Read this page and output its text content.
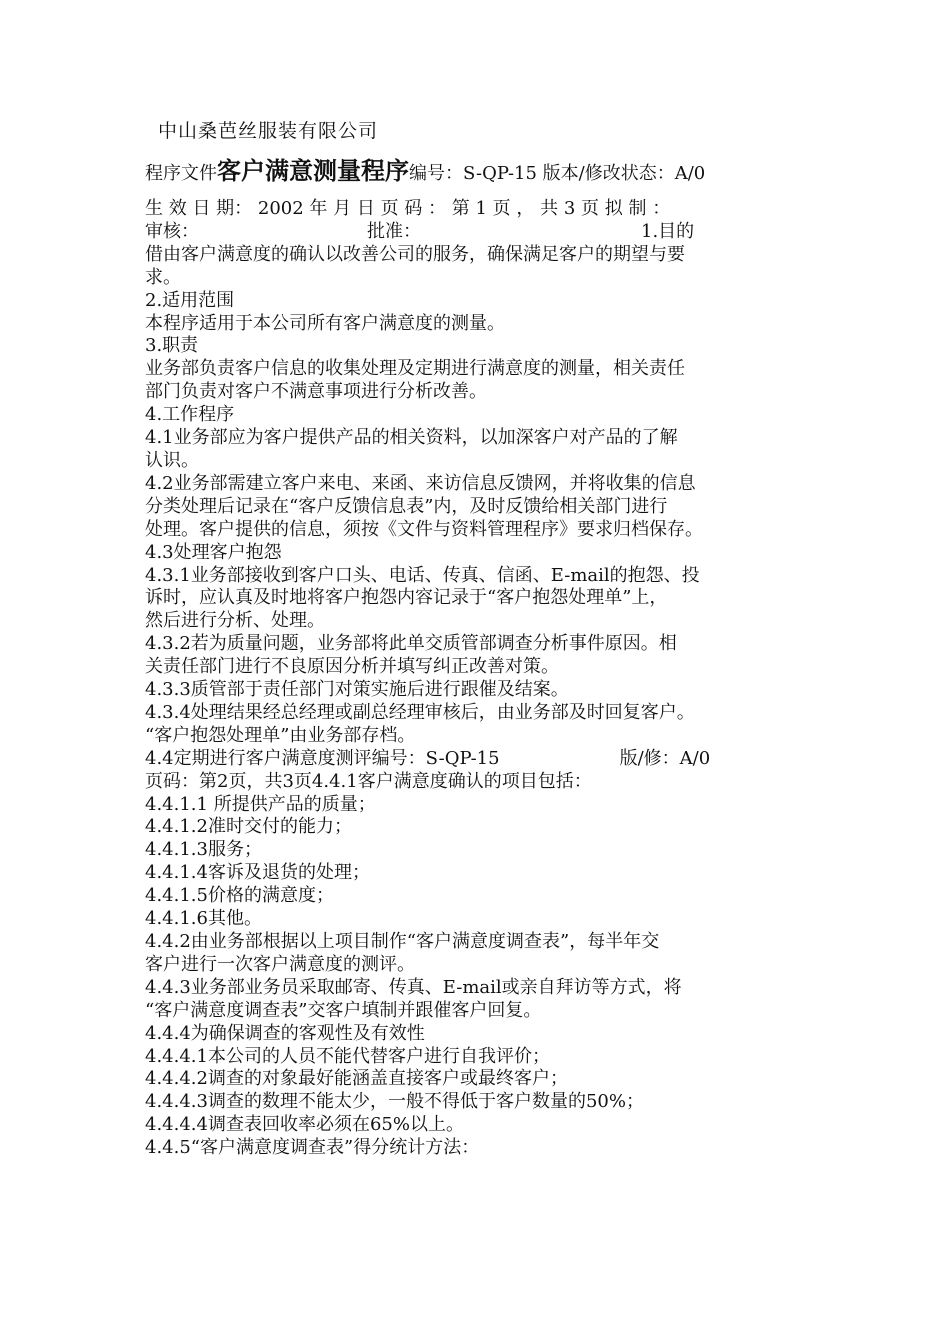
中山桑芭丝服装有限公司
程序文件客户满意测量程序编号：S-QP-15 版本/修改状态：A/0
生 效 日 期： 2002 年 月 日 页 码 ： 第 1 页 ， 共 3 页 拟 制 ：
审核：	批准：	1.目的
借由客户满意度的确认以改善公司的服务，确保满足客户的期望与要
求。
2.适用范围
本程序适用于本公司所有客户满意度的测量。
3.职责
业务部负责客户信息的收集处理及定期进行满意度的测量，相关责任
部门负责对客户不满意事项进行分析改善。
4.工作程序
4.1业务部应为客户提供产品的相关资料，以加深客户对产品的了解
认识。
4.2业务部需建立客户来电、来函、来访信息反馈网，并将收集的信息
分类处理后记录在“客户反馈信息表”内，及时反馈给相关部门进行
处理。客户提供的信息，须按《文件与资料管理程序》要求归档保存。
4.3处理客户抱怨
4.3.1业务部接收到客户口头、电话、传真、信函、E-mail的抱怨、投
诉时，应认真及时地将客户抱怨内容记录于“客户抱怨处理单”上，
然后进行分析、处理。
4.3.2若为质量问题，业务部将此单交质管部调查分析事件原因。相
关责任部门进行不良原因分析并填写纠正改善对策。
4.3.3质管部于责任部门对策实施后进行跟催及结案。
4.3.4处理结果经总经理或副总经理审核后，由业务部及时回复客户。
“客户抱怨处理单”由业务部存档。
4.4定期进行客户满意度测评编号：S-QP-15	版/修：A/0
页码：第2页，共3页4.4.1客户满意度确认的项目包括：
4.4.1.1 所提供产品的质量；
4.4.1.2准时交付的能力；
4.4.1.3服务；
4.4.1.4客诉及退货的处理；
4.4.1.5价格的满意度；
4.4.1.6其他。
4.4.2由业务部根据以上项目制作“客户满意度调查表”，每半年交
客户进行一次客户满意度的测评。
4.4.3业务部业务员采取邮寄、传真、E-mail或亲自拜访等方式，将
“客户满意度调查表”交客户填制并跟催客户回复。
4.4.4为确保调查的客观性及有效性
4.4.4.1本公司的人员不能代替客户进行自我评价；
4.4.4.2调查的对象最好能涵盖直接客户或最终客户；
4.4.4.3调查的数理不能太少，一般不得低于客户数量的50%；
4.4.4.4调查表回收率必须在65%以上。
4.4.5“客户满意度调查表”得分统计方法：
